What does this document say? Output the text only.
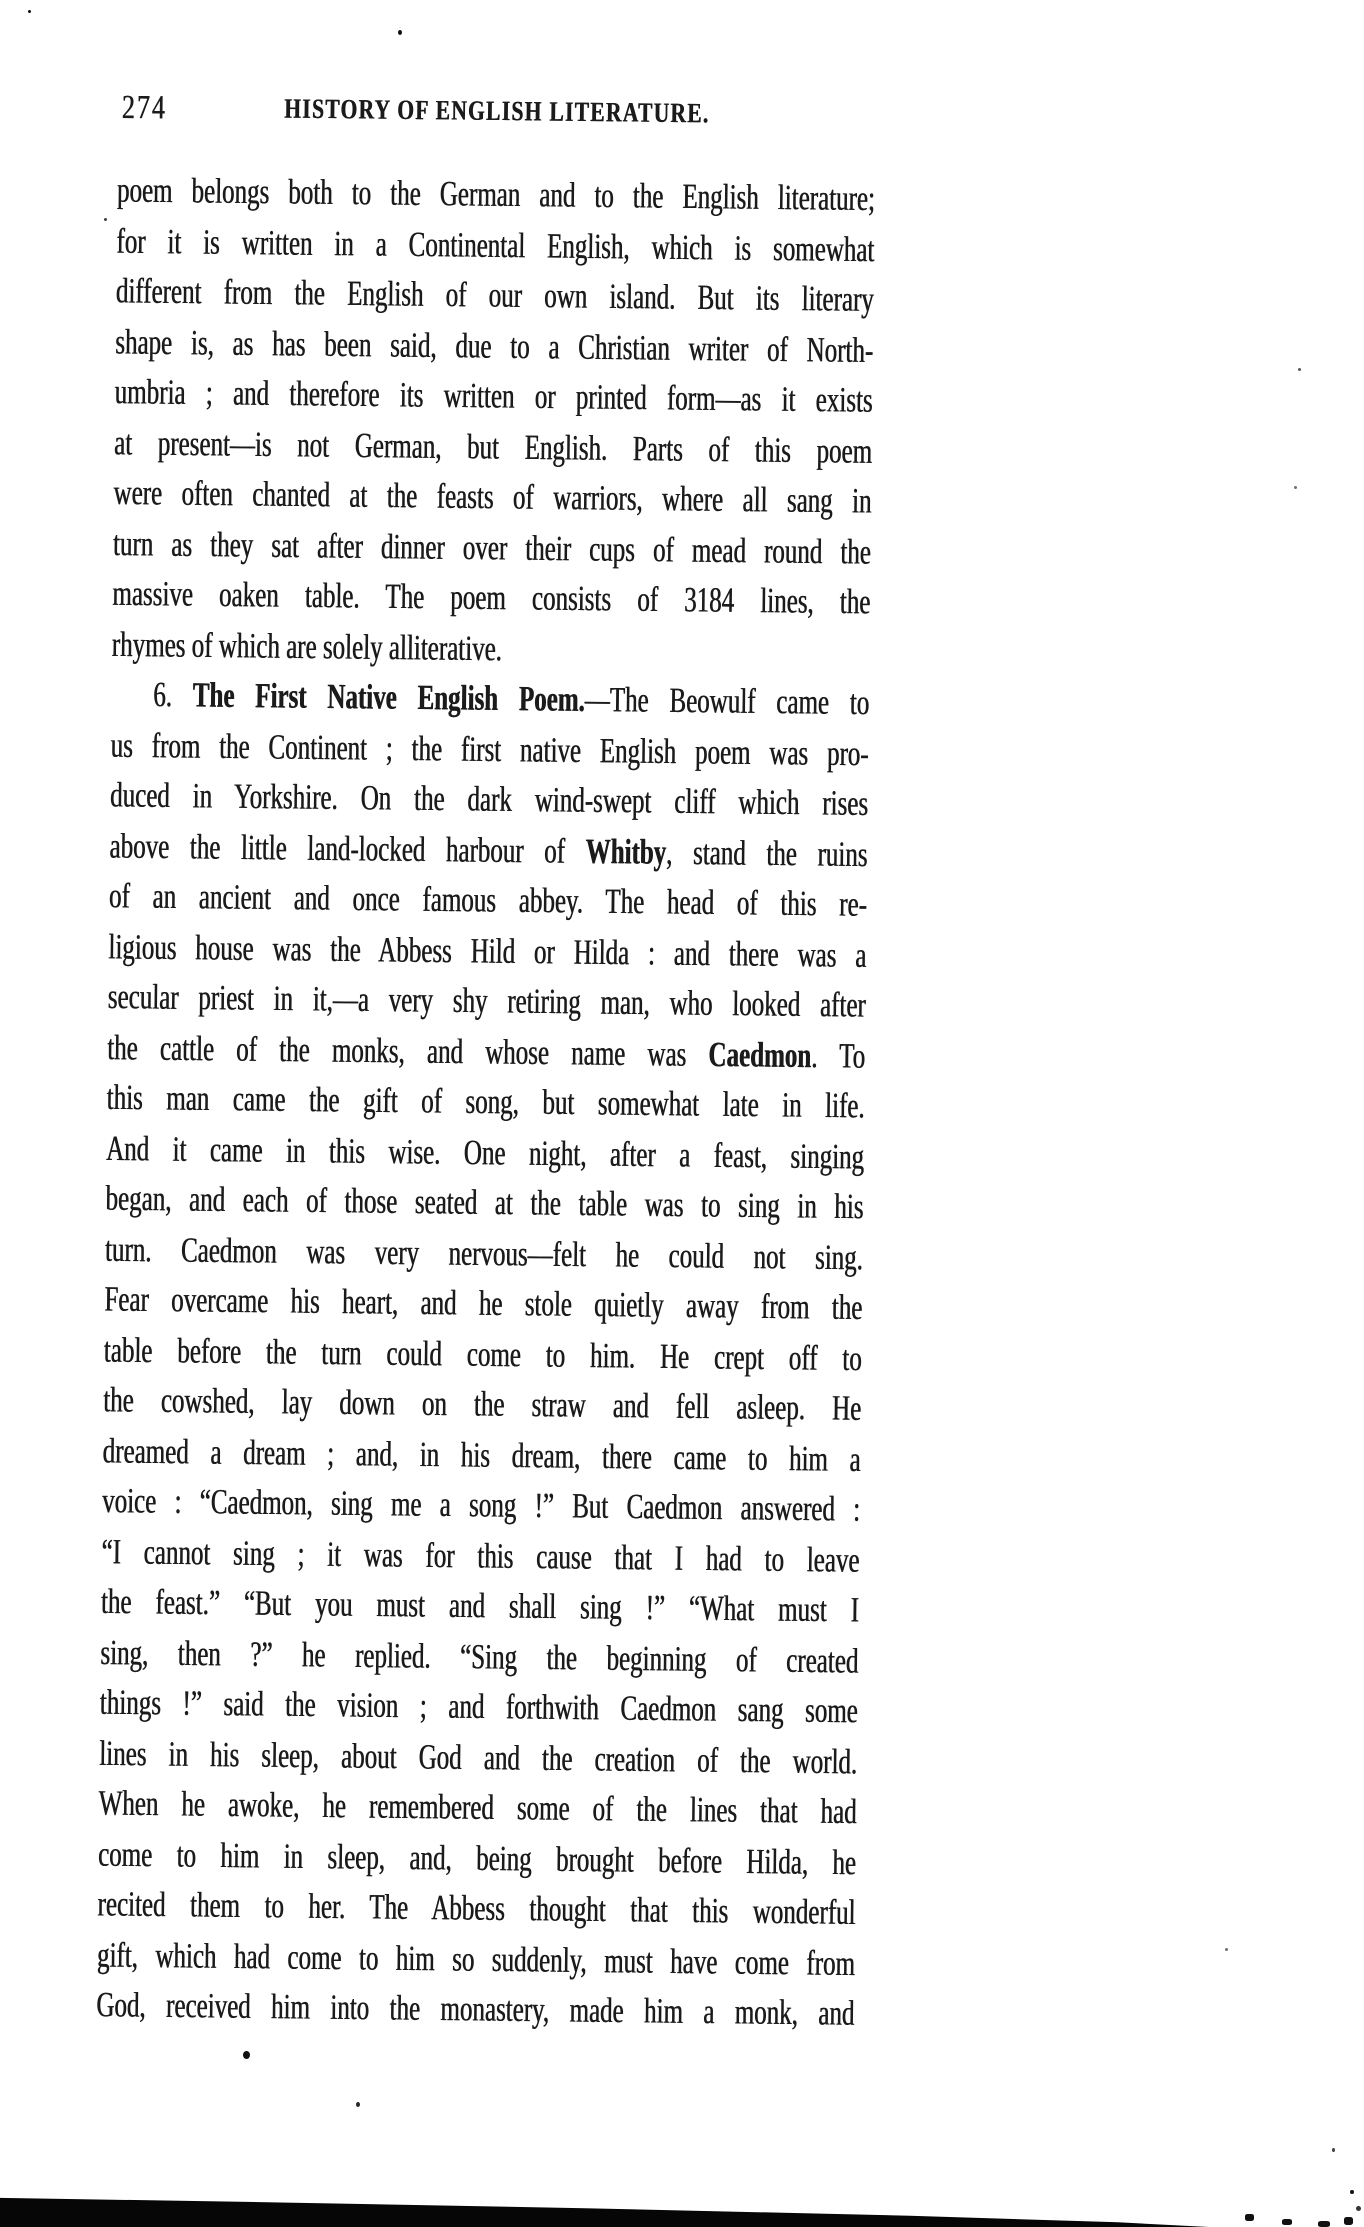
274	HISTORY OF ENGLISH LITERATURE.
poem belongs both to the German and to the English literature;
for it is written in a Continental English, which is somewhat
different from the English of our own island. But its literary
shape is, as has been said, due to a Christian writer of North-
umbria ; and therefore its written or printed form—as it exists
at present—is not German, but English. Parts of this poem
were often chanted at the feasts of warriors, where all sang in
turn as they sat after dinner over their cups of mead round the
massive oaken table. The poem consists of 3184 lines, the
rhymes of which are solely alliterative.
6. The First Native English Poem.—The Beowulf came to
us from the Continent ; the first native English poem was pro-
duced in Yorkshire. On the dark wind-swept cliff which rises
above the little land-locked harbour of Whitby, stand the ruins
of an ancient and once famous abbey. The head of this re-
ligious house was the Abbess Hild or Hilda : and there was a
secular priest in it,—a very shy retiring man, who looked after
the cattle of the monks, and whose name was Caedmon. To
this man came the gift of song, but somewhat late in life.
And it came in this wise. One night, after a feast, singing
began, and each of those seated at the table was to sing in his
turn. Caedmon was very nervous—felt he could not sing.
Fear overcame his heart, and he stole quietly away from the
table before the turn could come to him. He crept off to
the cowshed, lay down on the straw and fell asleep. He
dreamed a dream ; and, in his dream, there came to him a
voice : “Caedmon, sing me a song !” But Caedmon answered :
“I cannot sing ; it was for this cause that I had to leave
the feast.” “But you must and shall sing !” “What must I
sing, then ?” he replied. “Sing the beginning of created
things !” said the vision ; and forthwith Caedmon sang some
lines in his sleep, about God and the creation of the world.
When he awoke, he remembered some of the lines that had
come to him in sleep, and, being brought before Hilda, he
recited them to her. The Abbess thought that this wonderful
gift, which had come to him so suddenly, must have come from
God, received him into the monastery, made him a monk, and
